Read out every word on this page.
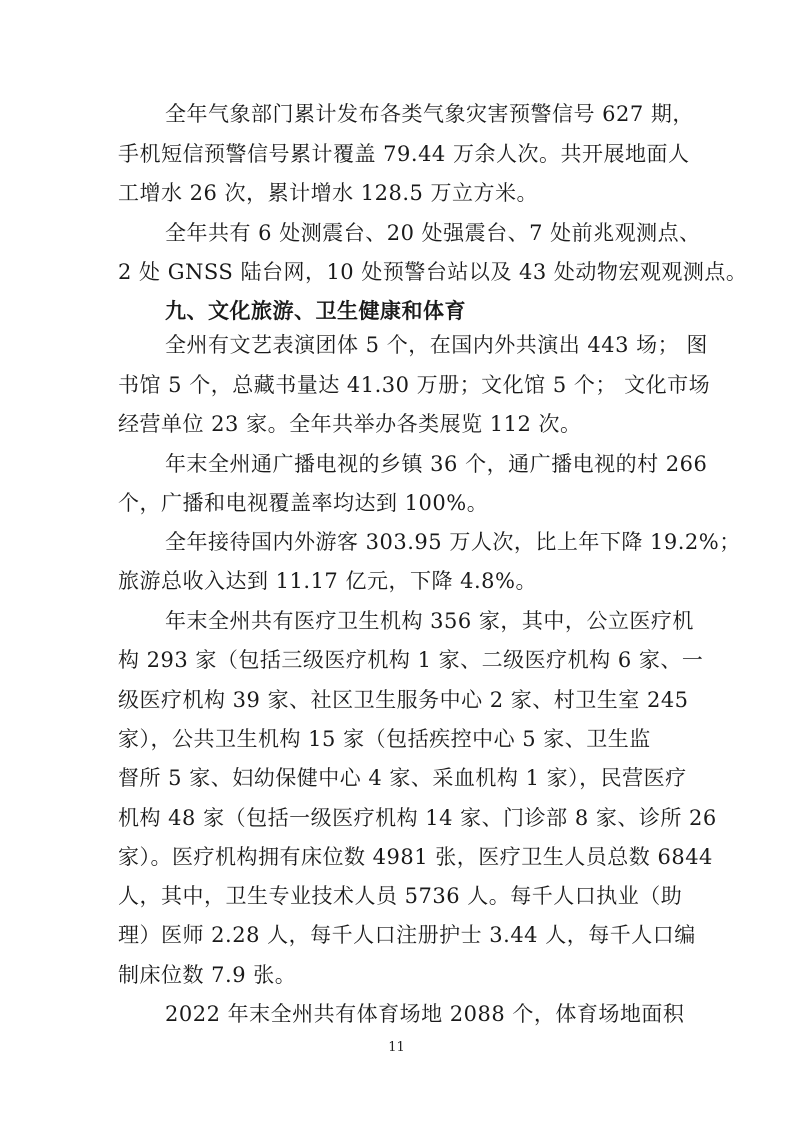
全年气象部门累计发布各类气象灾害预警信号 627 期，

手机短信预警信号累计覆盖 79.44 万余人次。共开展地面人

工增水 26 次，累计增水 128.5 万立方米。

全年共有 6 处测震台、20 处强震台、7 处前兆观测点、

2 处 GNSS 陆台网，10 处预警台站以及 43 处动物宏观观测点。

九、文化旅游、卫生健康和体育

全州有文艺表演团体 5 个，在国内外共演出 443 场； 图

书馆 5 个，总藏书量达 41.30 万册；文化馆 5 个； 文化市场

经营单位 23 家。全年共举办各类展览 112 次。

年末全州通广播电视的乡镇 36 个，通广播电视的村 266

个，广播和电视覆盖率均达到 100%。

全年接待国内外游客 303.95 万人次，比上年下降 19.2%；

旅游总收入达到 11.17 亿元，下降 4.8%。

年末全州共有医疗卫生机构 356 家，其中，公立医疗机

构 293 家（包括三级医疗机构 1 家、二级医疗机构 6 家、一

级医疗机构 39 家、社区卫生服务中心 2 家、村卫生室 245

家），公共卫生机构 15 家（包括疾控中心 5 家、卫生监

督所 5 家、妇幼保健中心 4 家、采血机构 1 家），民营医疗

机构 48 家（包括一级医疗机构 14 家、门诊部 8 家、诊所 26

家）。医疗机构拥有床位数 4981 张，医疗卫生人员总数 6844

人，其中，卫生专业技术人员 5736 人。每千人口执业（助

理）医师 2.28 人，每千人口注册护士 3.44 人，每千人口编

制床位数 7.9 张。

2022 年末全州共有体育场地 2088 个，体育场地面积

11
